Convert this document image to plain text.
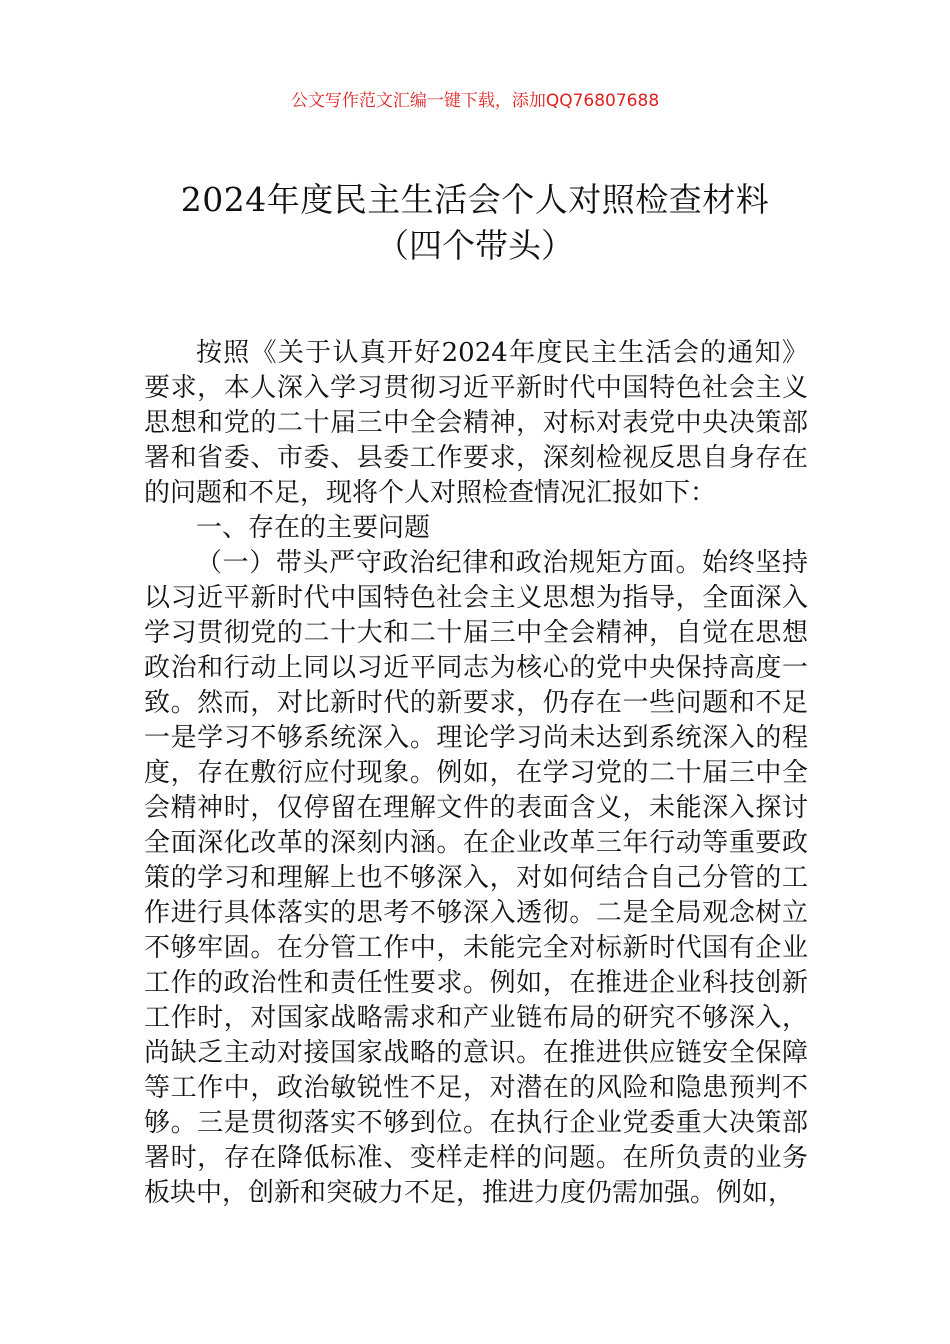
公文写作范文汇编一键下载，添加QQ76807688
2024年度民主生活会个人对照检查材料
（四个带头）

按照《关于认真开好2024年度民主生活会的通知》要求，本人深入学习贯彻习近平新时代中国特色社会主义思想和党的二十届三中全会精神，对标对表党中央决策部署和省委、市委、县委工作要求，深刻检视反思自身存在的问题和不足，现将个人对照检查情况汇报如下：

一、存在的主要问题

（一）带头严守政治纪律和政治规矩方面。始终坚持以习近平新时代中国特色社会主义思想为指导，全面深入学习贯彻党的二十大和二十届三中全会精神，自觉在思想政治和行动上同以习近平同志为核心的党中央保持高度一致。然而，对比新时代的新要求，仍存在一些问题和不足一是学习不够系统深入。理论学习尚未达到系统深入的程度，存在敷衍应付现象。例如，在学习党的二十届三中全会精神时，仅停留在理解文件的表面含义，未能深入探讨全面深化改革的深刻内涵。在企业改革三年行动等重要政策的学习和理解上也不够深入，对如何结合自己分管的工作进行具体落实的思考不够深入透彻。二是全局观念树立不够牢固。在分管工作中，未能完全对标新时代国有企业工作的政治性和责任性要求。例如，在推进企业科技创新工作时，对国家战略需求和产业链布局的研究不够深入，尚缺乏主动对接国家战略的意识。在推进供应链安全保障等工作中，政治敏锐性不足，对潜在的风险和隐患预判不够。三是贯彻落实不够到位。在执行企业党委重大决策部署时，存在降低标准、变样走样的问题。在所负责的业务板块中，创新和突破力不足，推进力度仍需加强。例如，
